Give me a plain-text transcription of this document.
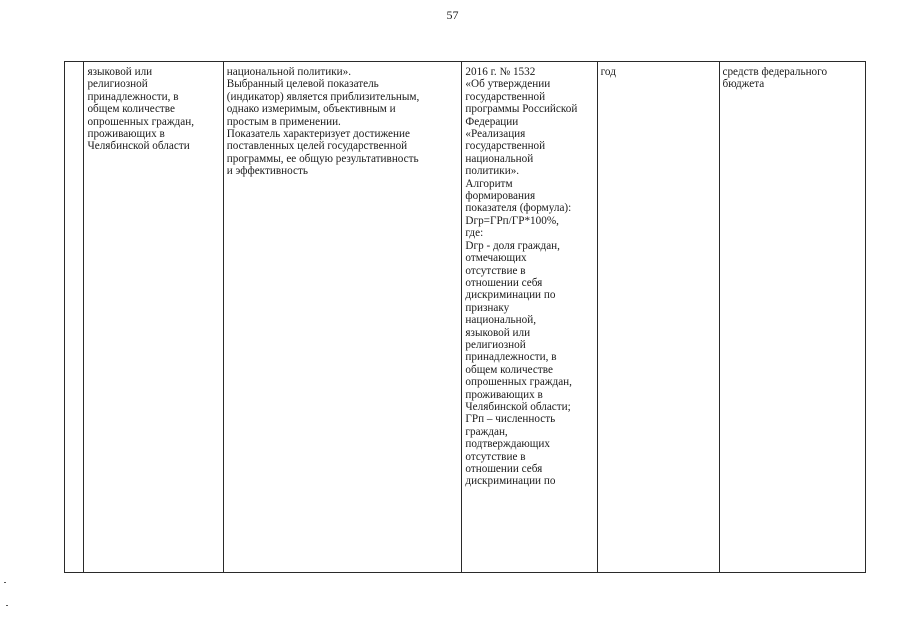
57
	языковой или
религиозной
принадлежности, в
общем количестве
опрошенных граждан,
проживающих в
Челябинской области	национальной политики».
Выбранный целевой показатель
(индикатор) является приблизительным,
однако измеримым, объективным и
простым в применении.
Показатель характеризует достижение
поставленных целей государственной
программы, ее общую результативность
и эффективность	2016 г. № 1532
«Об утверждении
государственной
программы Российской
Федерации
«Реализация
государственной
национальной
политики».
Алгоритм
формирования
показателя (формула):
Dгр=ГРп/ГР*100%,
где:
Dгр - доля граждан,
отмечающих
отсутствие в
отношении себя
дискриминации по
признаку
национальной,
языковой или
религиозной
принадлежности, в
общем количестве
опрошенных граждан,
проживающих в
Челябинской области;
ГРп – численность
граждан,
подтверждающих
отсутствие в
отношении себя
дискриминации по	год	средств федерального
бюджета
